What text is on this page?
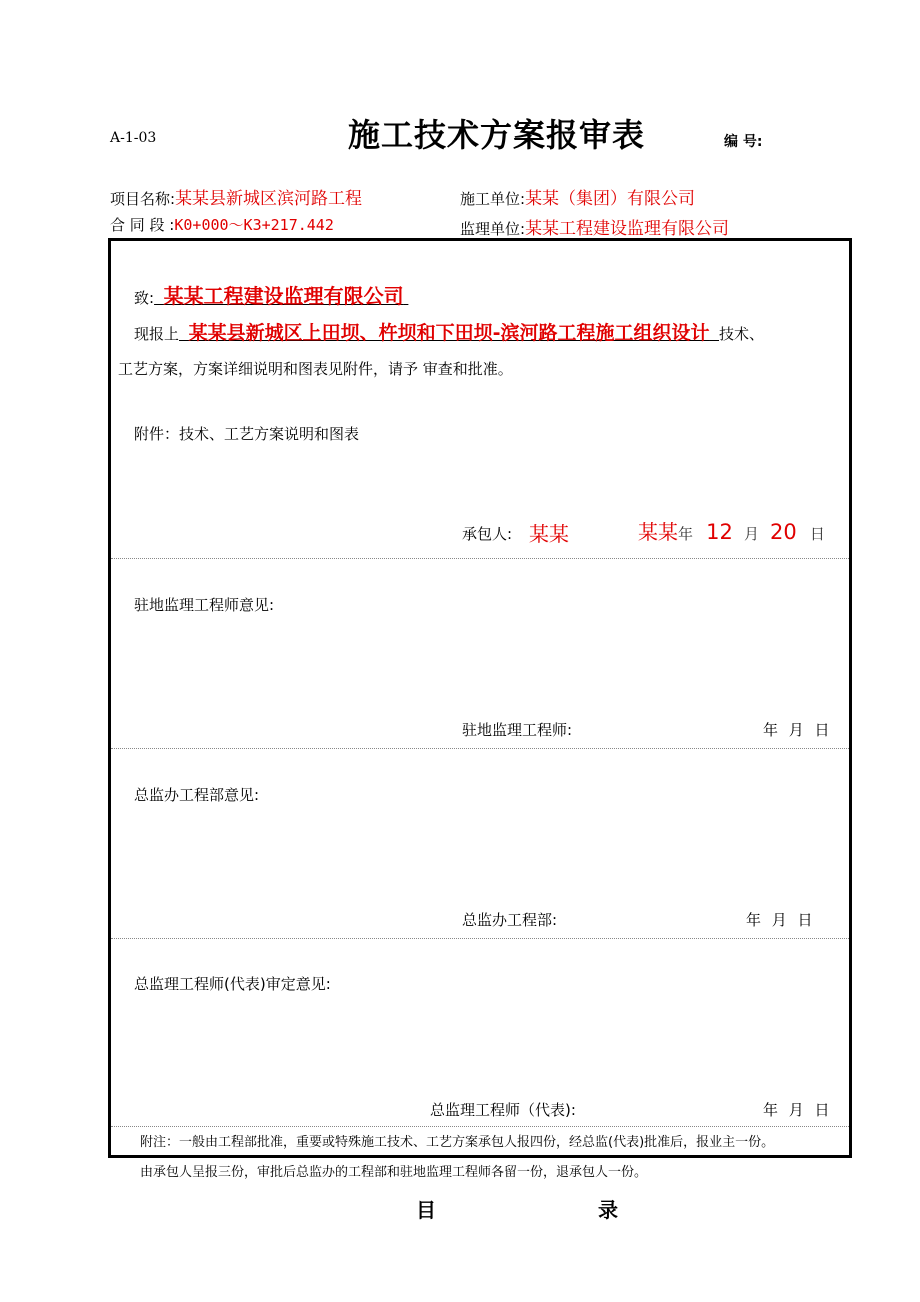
A-1-03	施工技术方案报审表	编 号:
项目名称:某某县新城区滨河路工程	施工单位:某某（集团）有限公司
合 同 段 :K0+000～K3+217.442	监理单位:某某工程建设监理有限公司
致: 某某工程建设监理有限公司
现报上 某某县新城区上田坝、杵坝和下田坝-滨河路工程施工组织设计 技术、
工艺方案，方案详细说明和图表见附件，请予 审查和批准。
附件：技术、工艺方案说明和图表
承包人: 某某	某某年 12 月 20 日
驻地监理工程师意见:
驻地监理工程师:	年 月 日
总监办工程部意见:
总监办工程部:	年 月 日
总监理工程师(代表)审定意见:
总监理工程师（代表):	年 月 日
附注：一般由工程部批准，重要或特殊施工技术、工艺方案承包人报四份，经总监(代表)批准后，报业主一份。
由承包人呈报三份，审批后总监办的工程部和驻地监理工程师各留一份，退承包人一份。
目	录
